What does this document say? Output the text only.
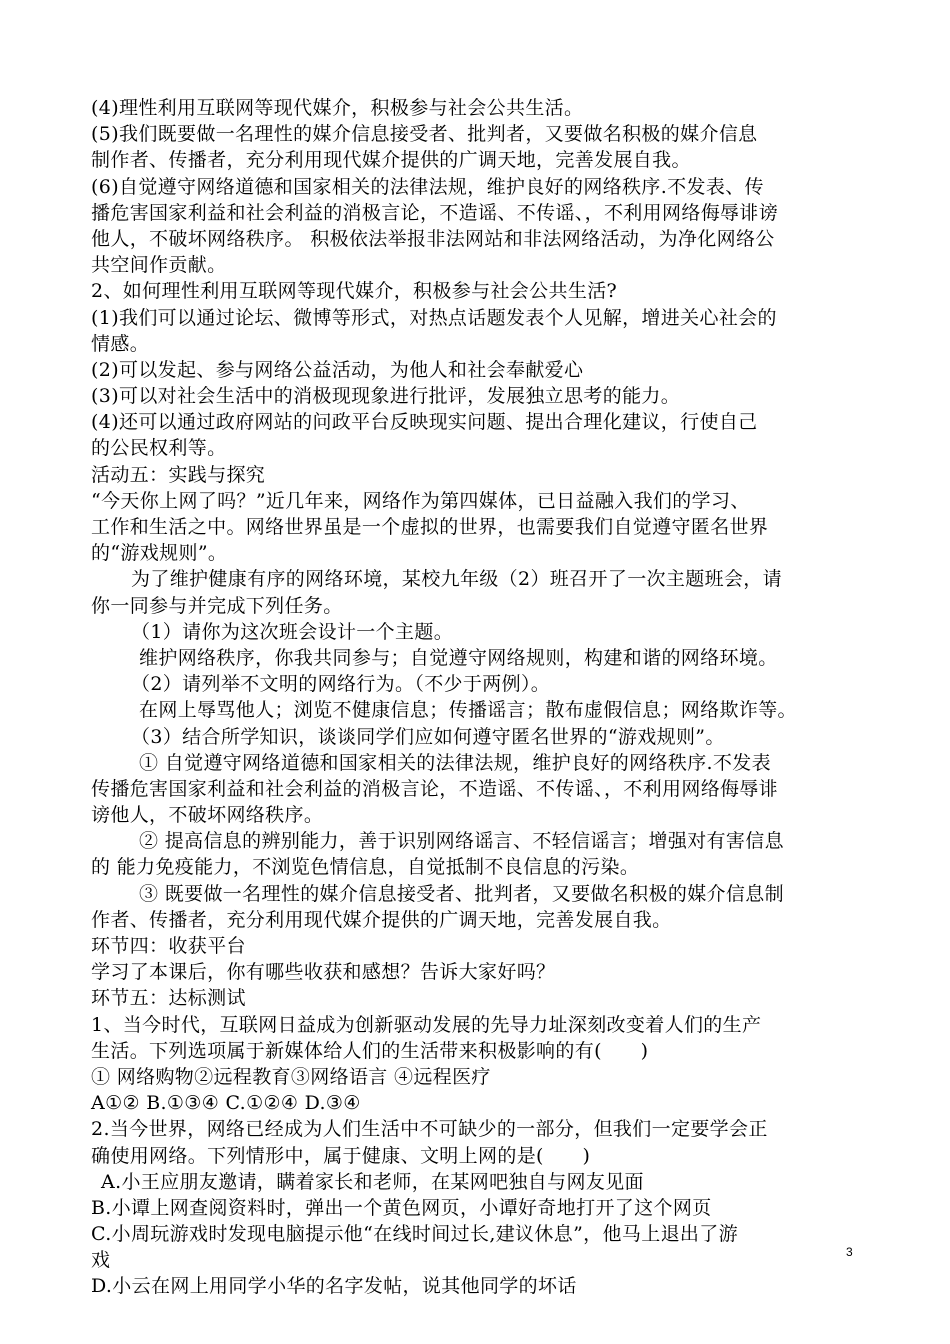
(4)理性利用互联网等现代媒介，积极参与社会公共生活。
(5)我们既要做一名理性的媒介信息接受者、批判者，又要做名积极的媒介信息
制作者、传播者，充分利用现代媒介提供的广调天地，完善发展自我。
(6)自觉遵守网络道德和国家相关的法律法规，维护良好的网络秩序.不发表、传
播危害国家利益和社会利益的消极言论，不造谣、不传谣、，不利用网络侮辱诽谤
他人，不破坏网络秩序。 积极依法举报非法网站和非法网络活动，为净化网络公
共空间作贡献。
2、如何理性利用互联网等现代媒介，积极参与社会公共生活?
(1)我们可以通过论坛、微博等形式，对热点话题发表个人见解，增进关心社会的
情感。
(2)可以发起、参与网络公益活动，为他人和社会奉献爱心
(3)可以对社会生活中的消极现现象进行批评，发展独立思考的能力。
(4)还可以通过政府网站的问政平台反映现实问题、提出合理化建议，行使自己
的公民权利等。
活动五：实践与探究
“今天你上网了吗？”近几年来，网络作为第四媒体，已日益融入我们的学习、
工作和生活之中。网络世界虽是一个虚拟的世界，也需要我们自觉遵守匿名世界
的“游戏规则”。
为了维护健康有序的网络环境，某校九年级（2）班召开了一次主题班会，请
你一同参与并完成下列任务。
（1）请你为这次班会设计一个主题。
维护网络秩序，你我共同参与；自觉遵守网络规则，构建和谐的网络环境。
（2）请列举不文明的网络行为。（不少于两例）。
在网上辱骂他人；浏览不健康信息；传播谣言；散布虚假信息；网络欺诈等。
（3）结合所学知识，谈谈同学们应如何遵守匿名世界的“游戏规则”。
① 自觉遵守网络道德和国家相关的法律法规，维护良好的网络秩序.不发表
传播危害国家利益和社会利益的消极言论，不造谣、不传谣、，不利用网络侮辱诽
谤他人，不破坏网络秩序。
② 提高信息的辨别能力，善于识别网络谣言、不轻信谣言；增强对有害信息
的 能力免疫能力，不浏览色情信息，自觉抵制不良信息的污染。
③ 既要做一名理性的媒介信息接受者、批判者，又要做名积极的媒介信息制
作者、传播者，充分利用现代媒介提供的广调天地，完善发展自我。
环节四：收获平台
学习了本课后，你有哪些收获和感想？告诉大家好吗？
环节五：达标测试
1、当今时代，互联网日益成为创新驱动发展的先导力址深刻改变着人们的生产
生活。下列选项属于新媒体给人们的生活带来积极影响的有(　　)
① 网络购物②远程教育③网络语言 ④远程医疗
A①② B.①③④ C.①②④ D.③④
2.当今世界，网络已经成为人们生活中不可缺少的一部分，但我们一定要学会正
确使用网络。下列情形中，属于健康、文明上网的是(　　)
A.小王应朋友邀请，瞒着家长和老师，在某网吧独自与网友见面
B.小谭上网查阅资料时，弹出一个黄色网页，小谭好奇地打开了这个网页
C.小周玩游戏时发现电脑提示他“在线时间过长,建议休息”，他马上退出了游
戏
D.小云在网上用同学小华的名字发帖，说其他同学的坏话
3
